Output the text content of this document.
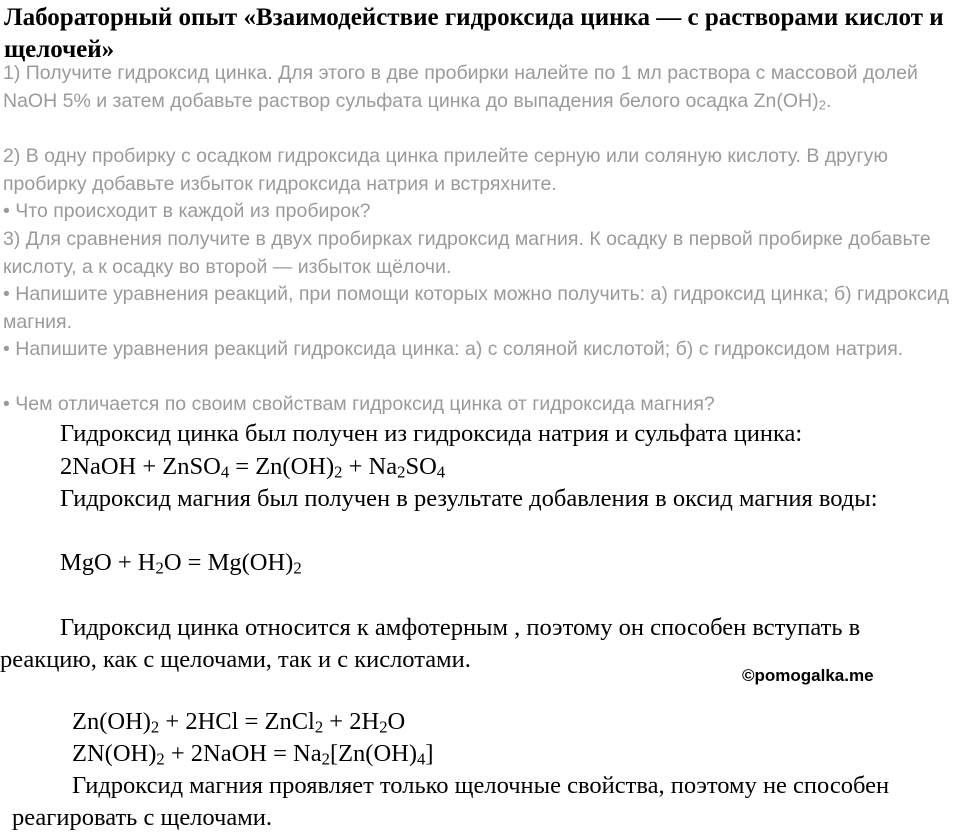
Лабораторный опыт «Взаимодействие гидроксида цинка — с растворами кислот и щелочей»
1) Получите гидроксид цинка. Для этого в две пробирки налейте по 1 мл раствора с массовой долей NaOH 5% и затем добавьте раствор сульфата цинка до выпадения белого осадка $Zn(OH)_2$.
2) В одну пробирку с осадком гидроксида цинка прилейте серную или соляную кислоту. В другую пробирку добавьте избыток гидроксида натрия и встряхните.
• Что происходит в каждой из пробирок?
3) Для сравнения получите в двух пробирках гидроксид магния. К осадку в первой пробирке добавьте кислоту, а к осадку во второй — избыток щёлочи.
• Напишите уравнения реакций, при помощи которых можно получить: а) гидроксид цинка; б) гидроксид магния.
• Напишите уравнения реакций гидроксида цинка: а) с соляной кислотой; б) с гидроксидом натрия.
• Чем отличается по своим свойствам гидроксид цинка от гидроксида магния?
Гидроксид цинка был получен из гидроксида натрия и сульфата цинка:
2NaOH + ZnSO$_4$ = $Zn(OH)_2 + Na_2SO_4$
Гидроксид магния был получен в результате добавления в оксид магния воды:
MgO + $H_2O = Mg(OH)_2$
Гидроксид цинка относится к амфотерным , поэтому он способен вступать в реакцию, как с щелочами, так и с кислотами.
©pomogalka.me
$Zn(OH)_2 + 2HCl$ = ZnCl$_2$ + $2H_2O$
$ZN(OH)_2$ + 2NaOH = $Na_2[Zn(OH)_4]$
Гидроксид магния проявляет только щелочные свойства, поэтому не способен реагировать с щелочами.
